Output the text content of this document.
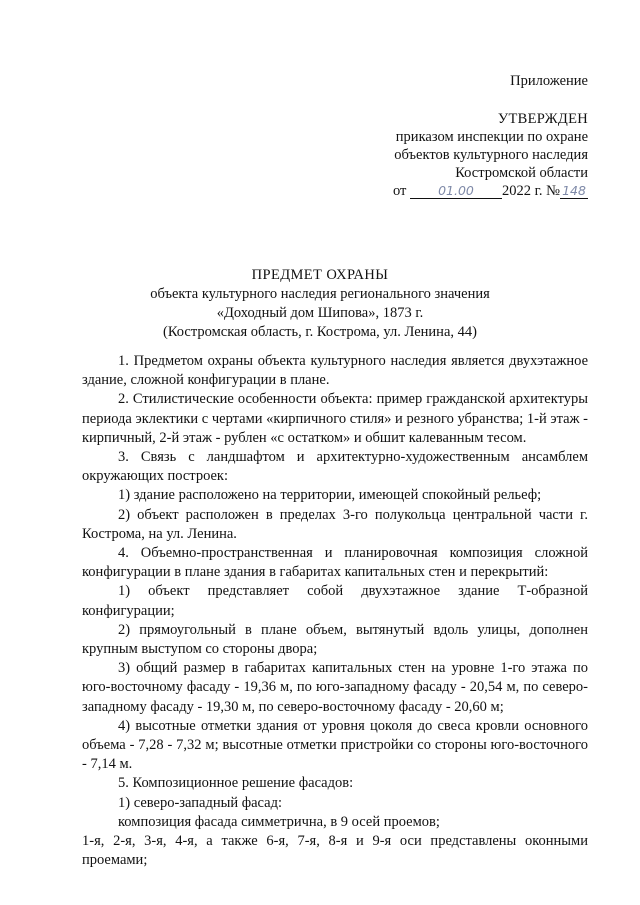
Приложение
УТВЕРЖДЕН
приказом инспекции по охране
объектов культурного наследия
Костромской области
от	01.00 2022 г. № 148
ПРЕДМЕТ ОХРАНЫ
объекта культурного наследия регионального значения
«Доходный дом Шипова», 1873 г.
(Костромская область, г. Кострома, ул. Ленина, 44)

1. Предметом охраны объекта культурного наследия является двухэтажное здание, сложной конфигурации в плане.

2. Стилистические особенности объекта: пример гражданской архитектуры периода эклектики с чертами «кирпичного стиля» и резного убранства; 1-й этаж - кирпичный, 2-й этаж - рублен «с остатком» и обшит калеванным тесом.

3. Связь с ландшафтом и архитектурно-художественным ансамблем окружающих построек:

1) здание расположено на территории, имеющей спокойный рельеф;

2) объект расположен в пределах 3-го полукольца центральной части г. Кострома, на ул. Ленина.

4. Объемно-пространственная и планировочная композиция сложной конфигурации в плане здания в габаритах капитальных стен и перекрытий:

1) объект представляет собой двухэтажное здание Т-образной конфигурации;

2) прямоугольный в плане объем, вытянутый вдоль улицы, дополнен крупным выступом со стороны двора;

3) общий размер в габаритах капитальных стен на уровне 1-го этажа по юго-восточному фасаду - 19,36 м, по юго-западному фасаду - 20,54 м, по северо-западному фасаду - 19,30 м, по северо-восточному фасаду - 20,60 м;

4) высотные отметки здания от уровня цоколя до свеса кровли основного объема - 7,28 - 7,32 м; высотные отметки пристройки со стороны юго-восточного - 7,14 м.

5. Композиционное решение фасадов:

1) северо-западный фасад:

композиция фасада симметрична, в 9 осей проемов;

1-я, 2-я, 3-я, 4-я, а также 6-я, 7-я, 8-я и 9-я оси представлены оконными проемами;
